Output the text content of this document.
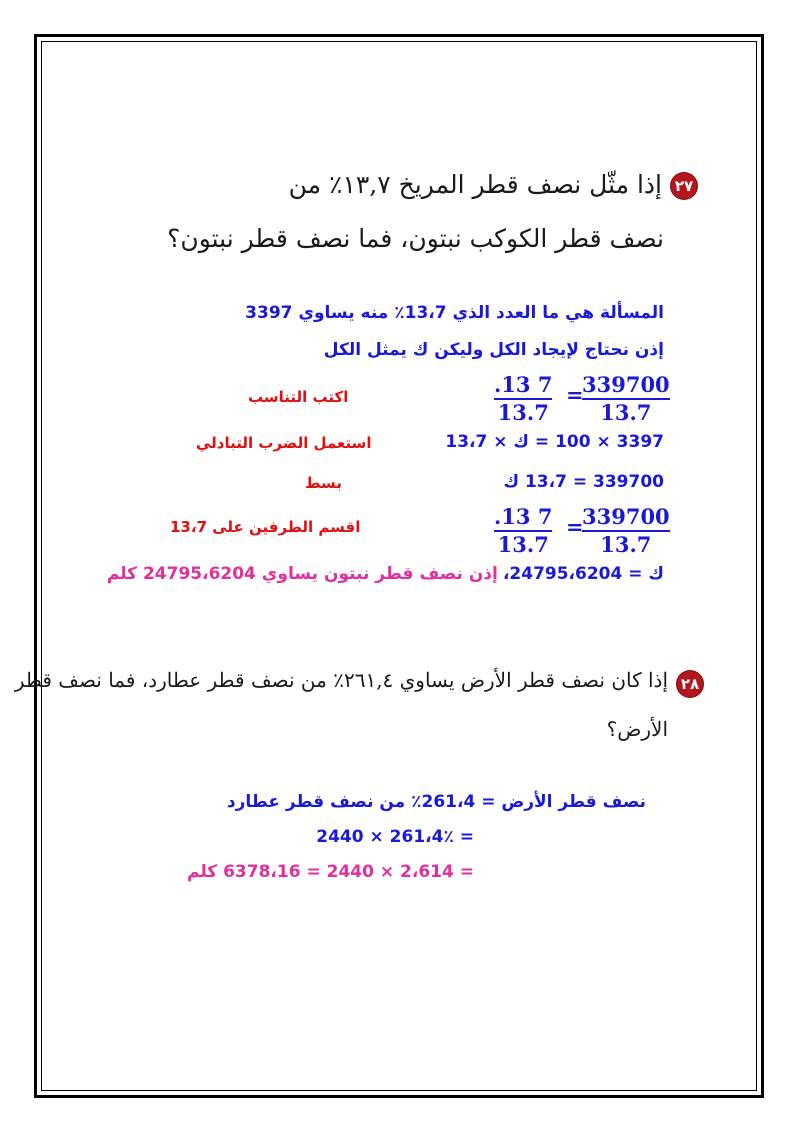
٢٧
إذا مثّل نصف قطر المريخ ١٣,٧٪ من
نصف قطر الكوكب نبتون، فما نصف قطر نبتون؟
المسألة هي ما العدد الذي 13،7٪ منه يساوي 3397
إذن نحتاج لإيجاد الكل وليكن ك يمثل الكل
339700
13.7
=
.13 7
13.7
اكتب التناسب
3397 × 100 = ك × 13،7
استعمل الضرب التبادلي
339700 = 13،7 ك
بسط
339700
13.7
=
.13 7
13.7
اقسم الطرفين على 13،7
ك = 24795،6204، إذن نصف قطر نبتون يساوي 24795،6204 كلم
٢٨
إذا كان نصف قطر الأرض يساوي ٢٦١,٤٪ من نصف قطر عطارد، فما نصف قطر
الأرض؟
نصف قطر الأرض = 261،4٪ من نصف قطر عطارد
= 261،4٪ × 2440
= 2،614 × 2440 = 6378،16 كلم
